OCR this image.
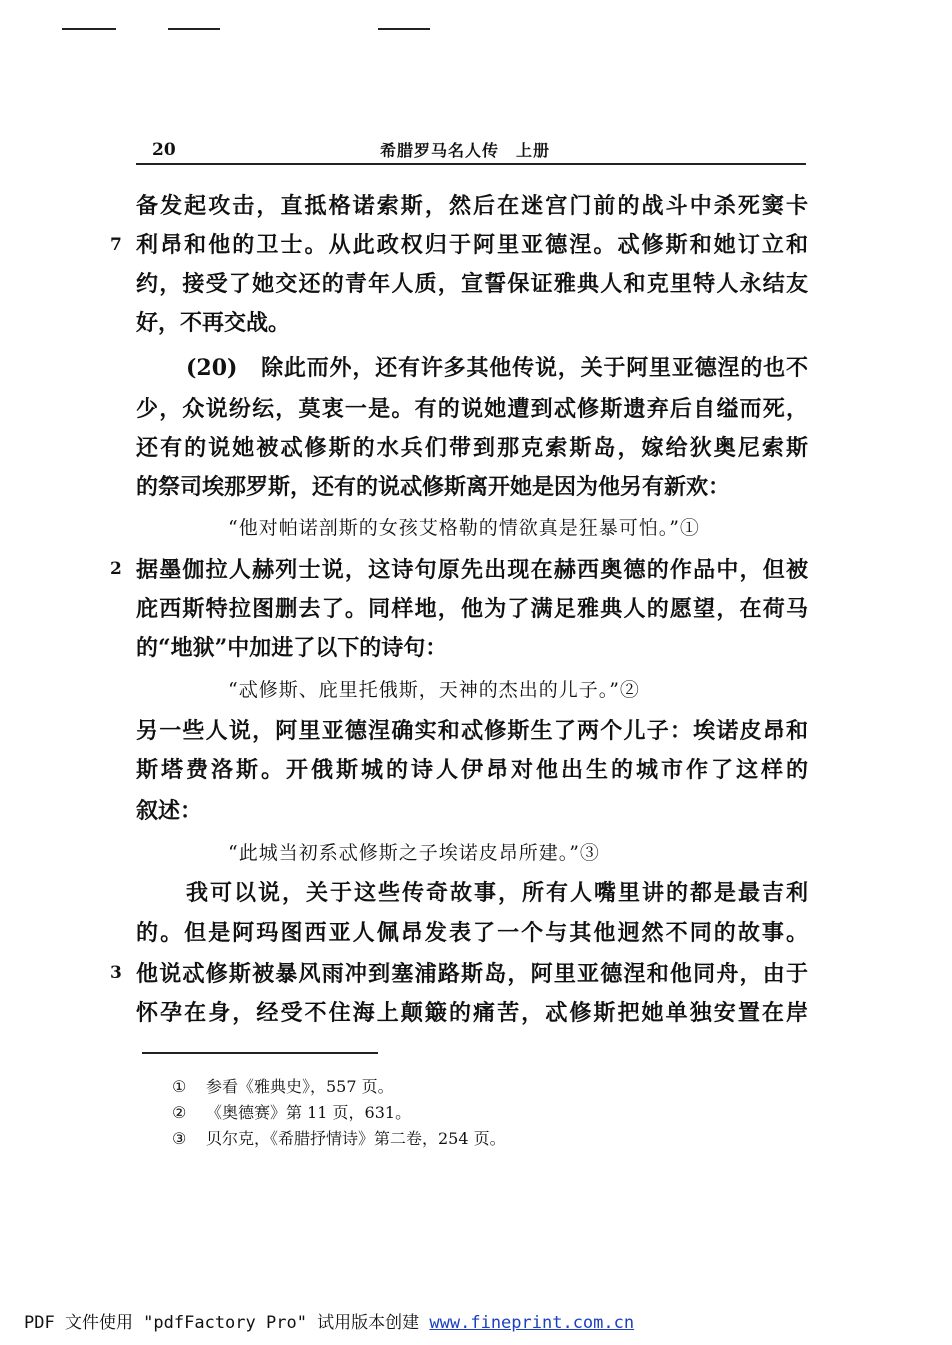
20	希腊罗马名人传　上册
备发起攻击，直抵格诺索斯，然后在迷宫门前的战斗中杀死窦卡
利昂和他的卫士。从此政权归于阿里亚德涅。忒修斯和她订立和
约，接受了她交还的青年人质，宣誓保证雅典人和克里特人永结友
好，不再交战。
(20)　除此而外，还有许多其他传说，关于阿里亚德涅的也不
少，众说纷纭，莫衷一是。有的说她遭到忒修斯遗弃后自缢而死，
还有的说她被忒修斯的水兵们带到那克索斯岛，嫁给狄奥尼索斯
的祭司埃那罗斯，还有的说忒修斯离开她是因为他另有新欢：
“他对帕诺剖斯的女孩艾格勒的情欲真是狂暴可怕。”①
据墨伽拉人赫列士说，这诗句原先出现在赫西奥德的作品中，但被
庇西斯特拉图删去了。同样地，他为了满足雅典人的愿望，在荷马
的“地狱”中加进了以下的诗句：
“忒修斯、庇里托俄斯，天神的杰出的儿子。”②
另一些人说，阿里亚德涅确实和忒修斯生了两个儿子：埃诺皮昂和
斯塔费洛斯。开俄斯城的诗人伊昂对他出生的城市作了这样的
叙述：
“此城当初系忒修斯之子埃诺皮昂所建。”③
我可以说，关于这些传奇故事，所有人嘴里讲的都是最吉利
的。但是阿玛图西亚人佩昂发表了一个与其他迥然不同的故事。
他说忒修斯被暴风雨冲到塞浦路斯岛，阿里亚德涅和他同舟，由于
怀孕在身，经受不住海上颠簸的痛苦，忒修斯把她单独安置在岸
7
2
3
① 参看《雅典史》，557 页。
② 《奥德赛》第 11 页，631。
③ 贝尔克，《希腊抒情诗》第二卷，254 页。
PDF 文件使用 "pdfFactory Pro" 试用版本创建 www.fineprint.com.cn
